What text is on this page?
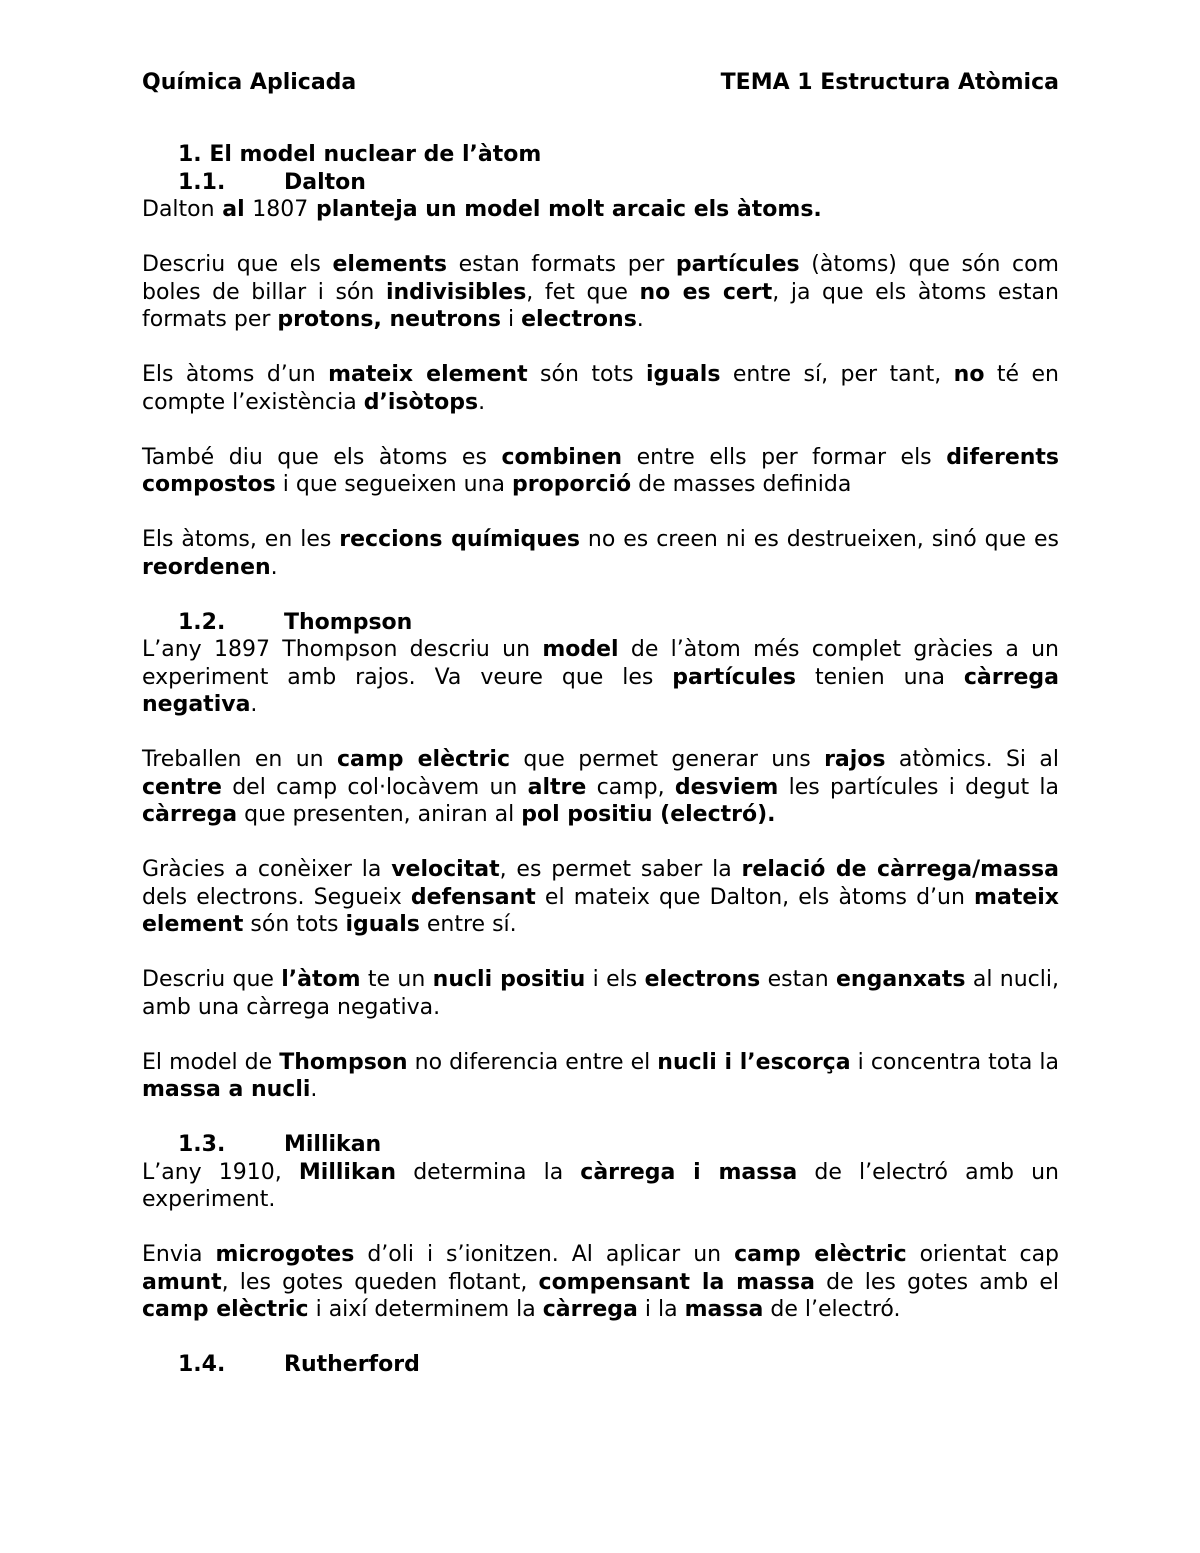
Química Aplicada	TEMA 1 Estructura Atòmica
1. El model nuclear de l’àtom
1.1.	Dalton

Dalton al 1807 planteja un model molt arcaic els àtoms.

Descriu que els elements estan formats per partícules (àtoms) que són com boles de billar i són indivisibles, fet que no es cert, ja que els àtoms estan formats per protons, neutrons i electrons.

Els àtoms d’un mateix element són tots iguals entre sí, per tant, no té en compte l’existència d’isòtops.

També diu que els àtoms es combinen entre ells per formar els diferents compostos i que segueixen una proporció de masses definida

Els àtoms, en les reccions químiques no es creen ni es destrueixen, sinó que es reordenen.

1.2.	Thompson

L’any 1897 Thompson descriu un model de l’àtom més complet gràcies a un experiment amb rajos. Va veure que les partícules tenien una càrrega negativa.

Treballen en un camp elèctric que permet generar uns rajos atòmics. Si al centre del camp col·locàvem un altre camp, desviem les partícules i degut la càrrega que presenten, aniran al pol positiu (electró).

Gràcies a conèixer la velocitat, es permet saber la relació de càrrega/massa dels electrons. Segueix defensant el mateix que Dalton, els àtoms d’un mateix element són tots iguals entre sí.

Descriu que l’àtom te un nucli positiu i els electrons estan enganxats al nucli, amb una càrrega negativa.

El model de Thompson no diferencia entre el nucli i l’escorça i concentra tota la massa a nucli.

1.3.	Millikan

L’any 1910, Millikan determina la càrrega i massa de l’electró amb un experiment.

Envia microgotes d’oli i s’ionitzen. Al aplicar un camp elèctric orientat cap amunt, les gotes queden flotant, compensant la massa de les gotes amb el camp elèctric i així determinem la càrrega i la massa de l’electró.

1.4.	Rutherford
